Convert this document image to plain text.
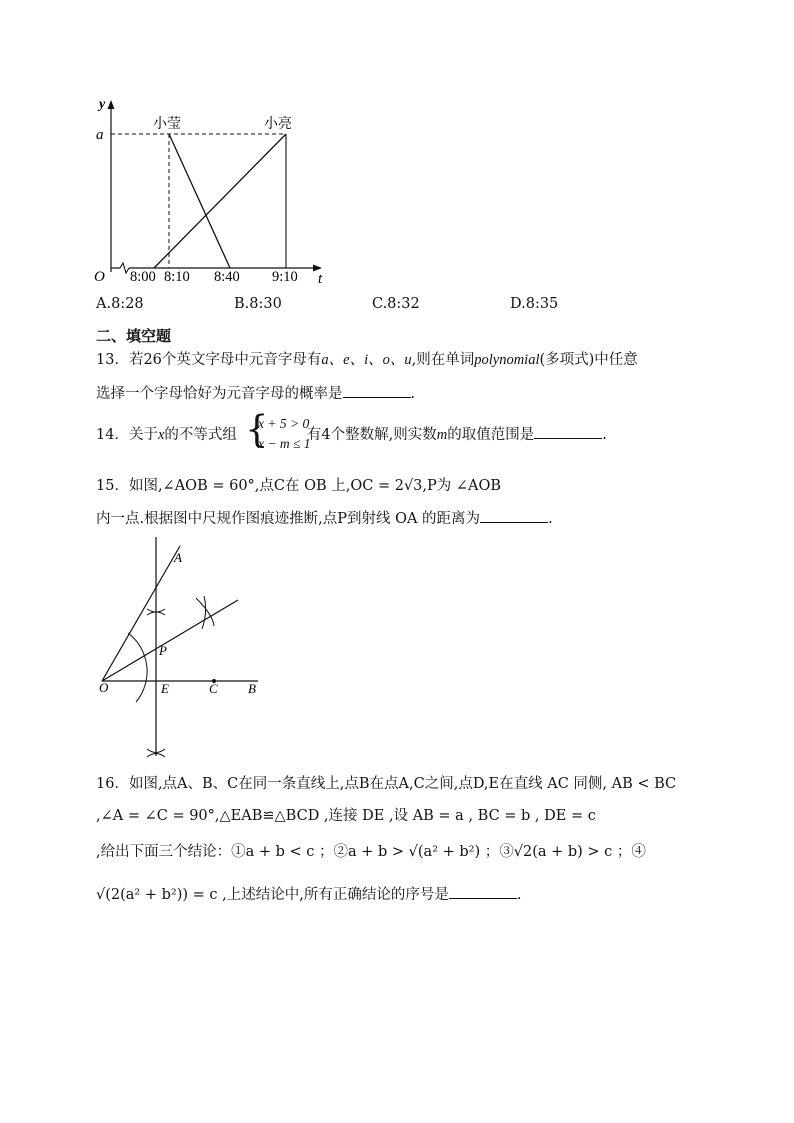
y
a
O	t
小莹	小亮
8:00 8:10 8:40 9:10
A.8:28	B.8:30	C.8:32	D.8:35
二、填空题
13．若26个英文字母中元音字母有a、e、i、o、u,则在单词polynomial(多项式)中任意
选择一个字母恰好为元音字母的概率是	.
14．关于x的不等式组	有4个整数解,则实数m的取值范围是	.
{
x + 5 > 0
x − m ≤ 1
15．如图,∠AOB = 60°,点C在 OB 上,OC = 2√3,P为 ∠AOB
内一点.根据图中尺规作图痕迹推断,点P到射线 OA 的距离为	.
A
P
O	E	C B
16．如图,点A、B、C在同一条直线上,点B在点A,C之间,点D,E在直线 AC 同侧, AB < BC
,∠A = ∠C = 90°,△EAB≌△BCD ,连接 DE ,设 AB = a , BC = b , DE = c
,给出下面三个结论：①a + b < c ；②a + b > √(a² + b²) ；③√2(a + b) > c ；④
√(2(a² + b²)) = c ,上述结论中,所有正确结论的序号是	.
